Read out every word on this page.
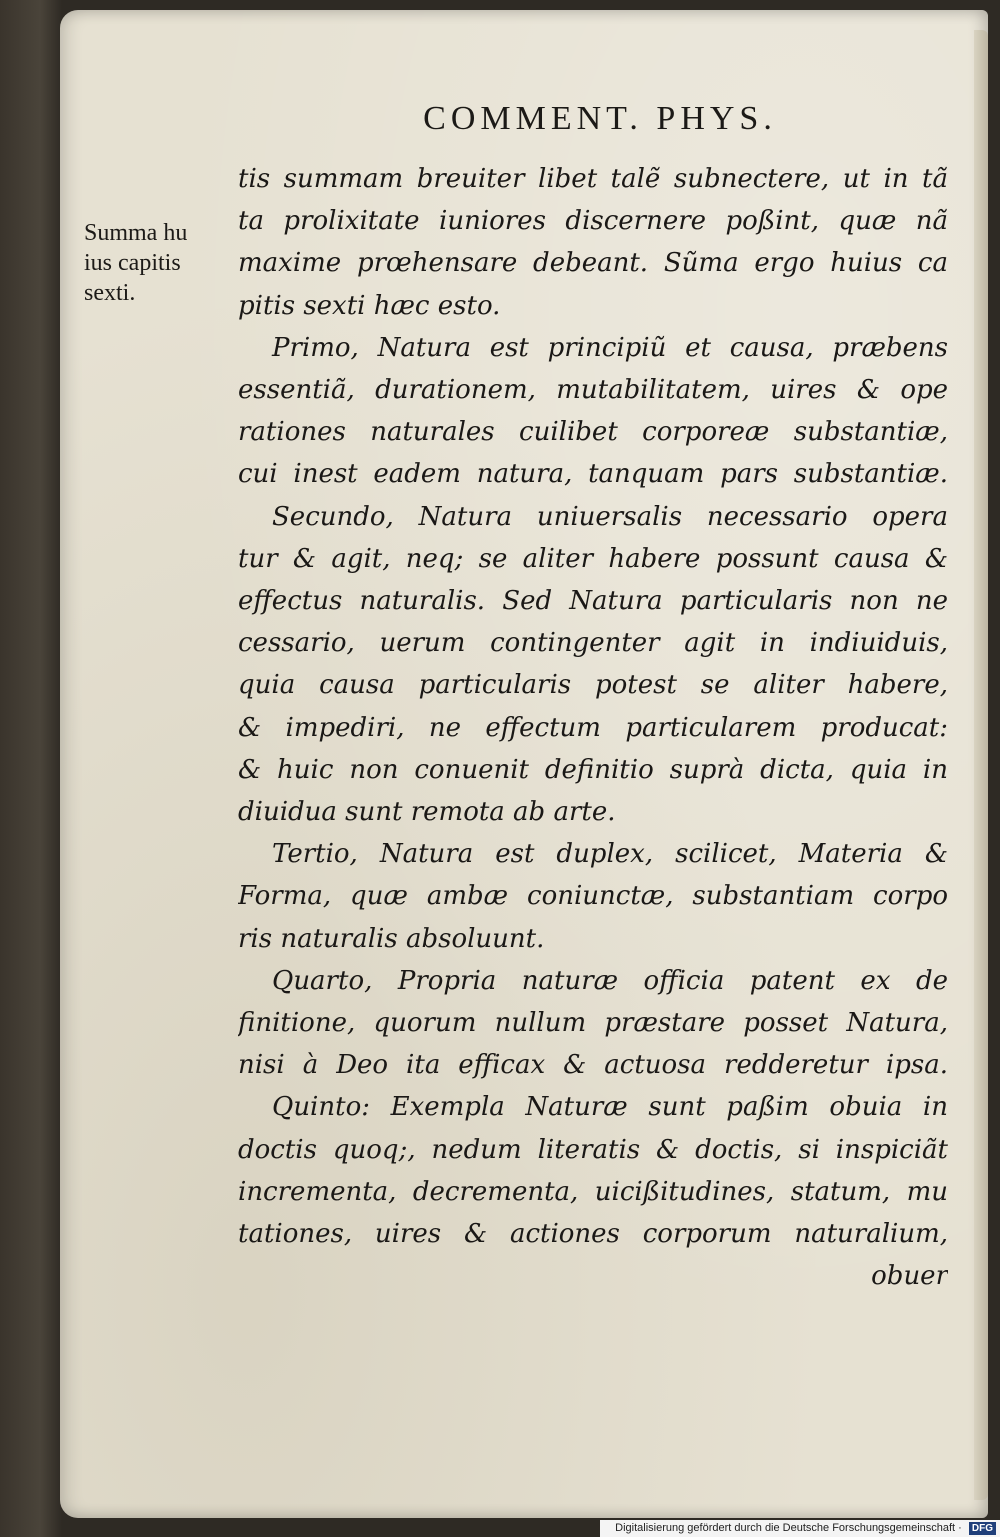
COMMENT. PHYS.
Summa hu
ius capitis
sexti.
tis summam breuiter libet talẽ subnectere, ut in tã
ta prolixitate iuniores discernere poßint, quæ nã
maxime prœhensare debeant. Sũma ergo huius ca
pitis sexti hæc esto.
Primo, Natura est principiũ et causa, præbens
essentiã, durationem, mutabilitatem, uires & ope
rationes naturales cuilibet corporeæ substantiæ,
cui inest eadem natura, tanquam pars substantiæ.
Secundo, Natura uniuersalis necessario opera
tur & agit, neq; se aliter habere possunt causa &
effectus naturalis. Sed Natura particularis non ne
cessario, uerum contingenter agit in indiuiduis,
quia causa particularis potest se aliter habere,
& impediri, ne effectum particularem producat:
& huic non conuenit definitio suprà dicta, quia in
diuidua sunt remota ab arte.
Tertio, Natura est duplex, scilicet, Materia &
Forma, quæ ambæ coniunctæ, substantiam corpo
ris naturalis absoluunt.
Quarto, Propria naturæ officia patent ex de
finitione, quorum nullum præstare posset Natura,
nisi à Deo ita efficax & actuosa redderetur ipsa.
Quinto: Exempla Naturæ sunt paßim obuia in
doctis quoq;, nedum literatis & doctis, si inspiciãt
incrementa, decrementa, uicißitudines, statum, mu
tationes, uires & actiones corporum naturalium,
obuer
Digitalisierung gefördert durch die Deutsche Forschungsgemeinschaft · DFG
